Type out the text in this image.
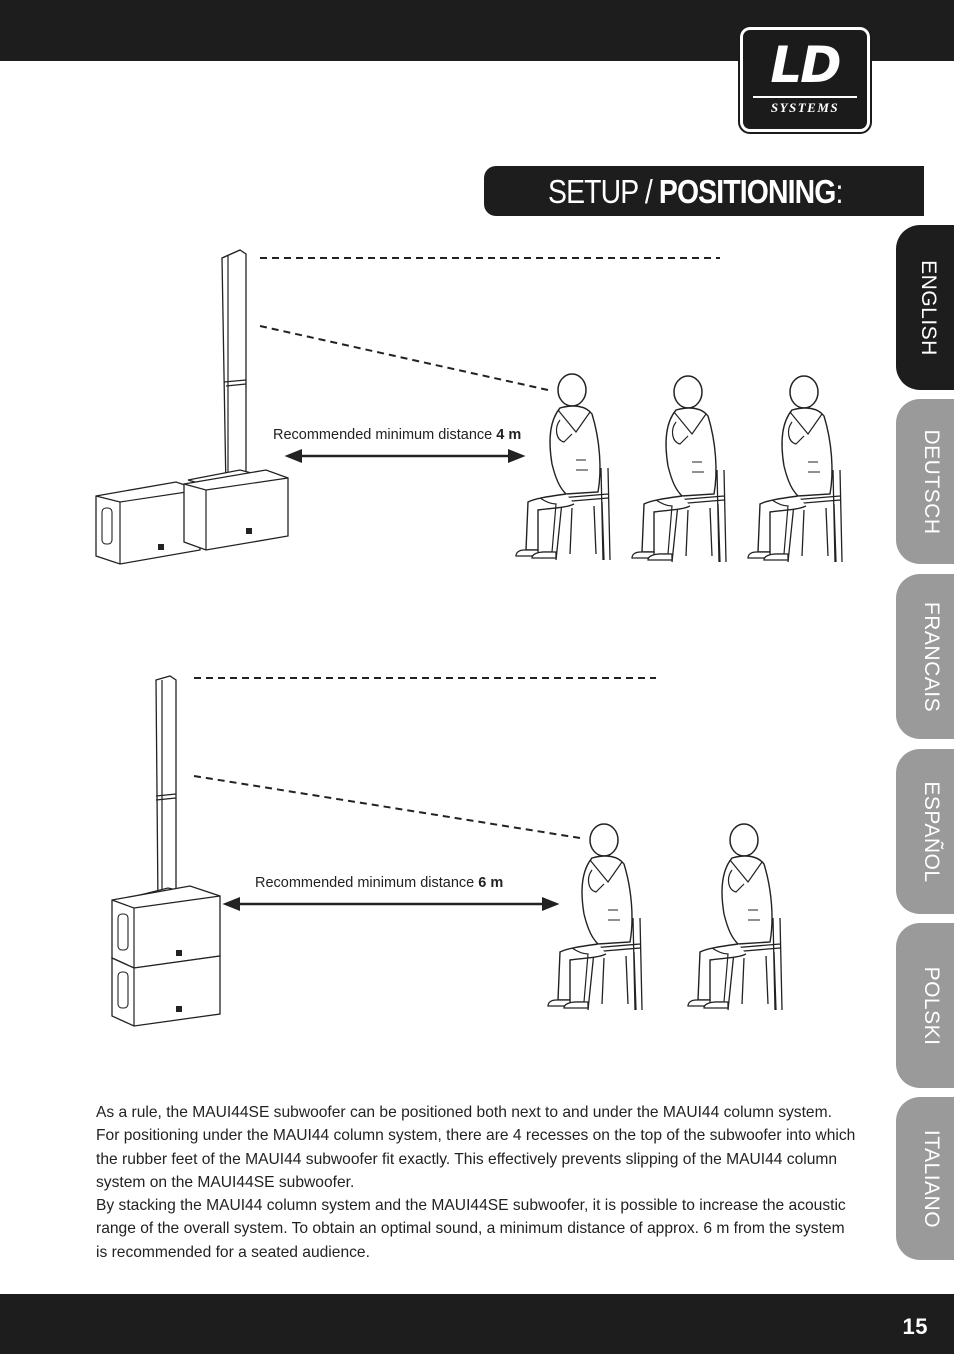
LD
SYSTEMS
SETUP / POSITIONING:
ENGLISH
DEUTSCH
FRANCAIS
ESPAÑOL
POLSKI
ITALIANO
Recommended minimum distance 4 m
Recommended minimum distance 6 m

As a rule, the MAUI44SE subwoofer can be positioned both next to and under the MAUI44 column system. For positioning under the MAUI44 column system, there are 4 recesses on the top of the subwoofer into which the rubber feet of the MAUI44 subwoofer fit exactly. This effectively prevents slipping of the MAUI44 column system on the MAUI44SE subwoofer.

By stacking the MAUI44 column system and the MAUI44SE subwoofer, it is possible to increase the acoustic range of the overall system. To obtain an optimal sound, a minimum distance of approx. 6 m from the system is recommended for a seated audience.

15
